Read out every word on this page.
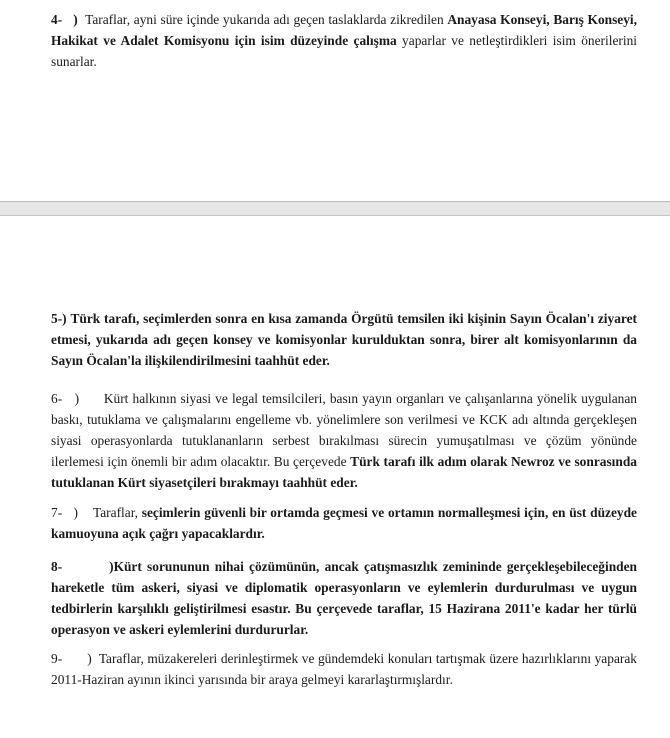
4- ) Taraflar, ayni süre içinde yukarıda adı geçen taslaklarda zikredilen Anayasa Konseyi, Barış Konseyi, Hakikat ve Adalet Komisyonu için isim düzeyinde çalışma yaparlar ve netleştirdikleri isim önerilerini sunarlar.

5-) Türk tarafı, seçimlerden sonra en kısa zamanda Örgütü temsilen iki kişinin Sayın Öcalan'ı ziyaret etmesi, yukarıda adı geçen konsey ve komisyonlar kurulduktan sonra, birer alt komisyonlarının da Sayın Öcalan'la ilişkilendirilmesini taahhüt eder.

6- ) Kürt halkının siyasi ve legal temsilcileri, basın yayın organları ve çalışanlarına yönelik uygulanan baskı, tutuklama ve çalışmalarını engelleme vb. yönelimlere son verilmesi ve KCK adı altında gerçekleşen siyasi operasyonlarda tutuklananların serbest bırakılması sürecin yumuşatılması ve çözüm yönünde ilerlemesi için önemli bir adım olacaktır. Bu çerçevede Türk tarafı ilk adım olarak Newroz ve sonrasında tutuklanan Kürt siyasetçileri bırakmayı taahhüt eder.

7- ) Taraflar, seçimlerin güvenli bir ortamda geçmesi ve ortamın normalleşmesi için, en üst düzeyde kamuoyuna açık çağrı yapacaklardır.

8-	)Kürt sorununun nihai çözümünün, ancak çatışmasızlık zemininde gerçekleşebileceğinden hareketle tüm askeri, siyasi ve diplomatik operasyonların ve eylemlerin durdurulması ve uygun tedbirlerin karşılıklı geliştirilmesi esastır. Bu çerçevede taraflar, 15 Hazirana 2011'e kadar her türlü operasyon ve askeri eylemlerini durdururlar.

9- ) Taraflar, müzakereleri derinleştirmek ve gündemdeki konuları tartışmak üzere hazırlıklarını yaparak 2011-Haziran ayının ikinci yarısında bir araya gelmeyi kararlaştırmışlardır.
